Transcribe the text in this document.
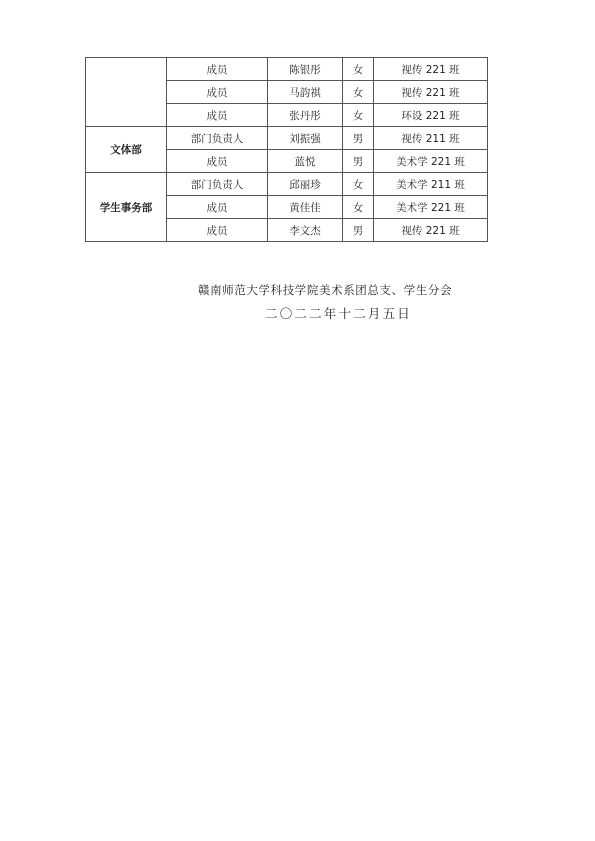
	成员	陈银彤	女	视传 221 班
	成员	马韵祺	女	视传 221 班
	成员	张丹彤	女	环设 221 班
文体部	部门负责人	刘振强	男	视传 211 班
	成员	蓝悦	男	美术学 221 班
学生事务部	部门负责人	邱丽珍	女	美术学 211 班
	成员	黄佳佳	女	美术学 221 班
	成员	李文杰	男	视传 221 班
赣南师范大学科技学院美术系团总支、学生分会
二〇二二年十二月五日
